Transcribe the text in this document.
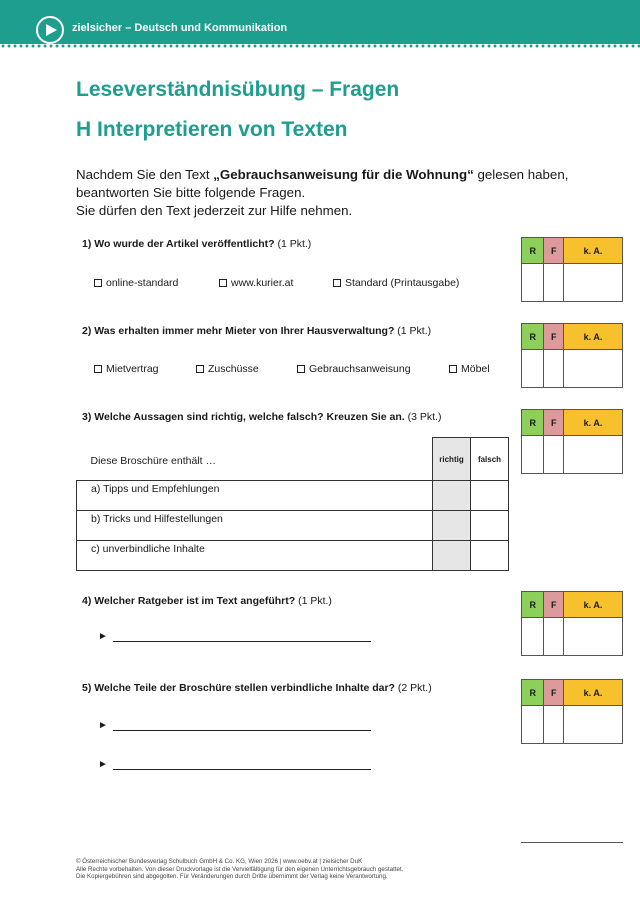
zielsicher – Deutsch und Kommunikation
Leseverständnisübung – Fragen
H Interpretieren von Texten
Nachdem Sie den Text „Gebrauchsanweisung für die Wohnung“ gelesen haben,
beantworten Sie bitte folgende Fragen.
Sie dürfen den Text jederzeit zur Hilfe nehmen.
1) Wo wurde der Artikel veröffentlicht? (1 Pkt.)
online-standard	www.kurier.at	Standard (Printausgabe)
R	F	k. A.

2) Was erhalten immer mehr Mieter von Ihrer Hausverwaltung? (1 Pkt.)
Mietvertrag	Zuschüsse	Gebrauchsanweisung	Möbel
R	F	k. A.

3) Welche Aussagen sind richtig, welche falsch? Kreuzen Sie an. (3 Pkt.)
Diese Broschüre enthält …	richtig	falsch
a) Tipps und Empfehlungen		
b) Tricks und Hilfestellungen		
c) unverbindliche Inhalte		
R	F	k. A.

4) Welcher Ratgeber ist im Text angeführt? (1 Pkt.)
►
R	F	k. A.

5) Welche Teile der Broschüre stellen verbindliche Inhalte dar? (2 Pkt.)
►
►
R	F	k. A.

© Österreichischer Bundesverlag Schulbuch GmbH & Co. KG, Wien 2026 | www.oebv.at | zielsicher DuK
Alle Rechte vorbehalten. Von dieser Druckvorlage ist die Vervielfältigung für den eigenen Unterrichtsgebrauch gestattet.
Die Kopiergebühren sind abgegolten. Für Veränderungen durch Dritte übernimmt der Verlag keine Verantwortung.
